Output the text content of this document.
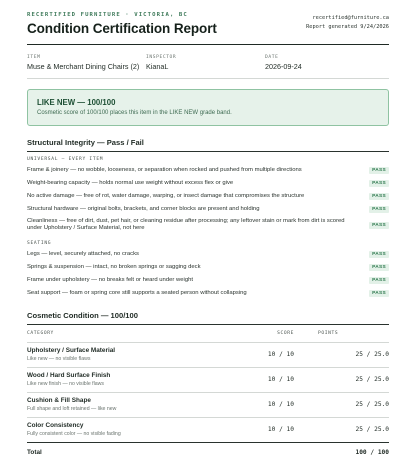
RECERTIFIED FURNITURE · VICTORIA, BC
Condition Certification Report
recertified@furniture.ca
Report generated 9/24/2026
ITEM
Muse & Merchant Dining Chairs (2)
INSPECTOR
KianaL
DATE
2026-09-24
LIKE NEW — 100/100
Cosmetic score of 100/100 places this item in the LIKE NEW grade band.
Structural Integrity — Pass / Fail
UNIVERSAL — EVERY ITEM
Frame & joinery — no wobble, looseness, or separation when rocked and pushed from multiple directions	PASS
Weight-bearing capacity — holds normal use weight without excess flex or give	PASS
No active damage — free of rot, water damage, warping, or insect damage that compromises the structure	PASS
Structural hardware — original bolts, brackets, and corner blocks are present and holding	PASS
Cleanliness — free of dirt, dust, pet hair, or cleaning residue after processing; any leftover stain or mark from dirt is scored under Upholstery / Surface Material, not here	PASS
SEATING
Legs — level, securely attached, no cracks	PASS
Springs & suspension — intact, no broken springs or sagging deck	PASS
Frame under upholstery — no breaks felt or heard under weight	PASS
Seat support — foam or spring core still supports a seated person without collapsing	PASS
Cosmetic Condition — 100/100
CATEGORY	SCORE	POINTS

Upholstery / Surface Material
Like new — no visible flaws	10 / 10	25 / 25.0

Wood / Hard Surface Finish
Like new finish — no visible flaws	10 / 10	25 / 25.0

Cushion & Fill Shape
Full shape and loft retained — like new	10 / 10	25 / 25.0

Color Consistency
Fully consistent color — no visible fading	10 / 10	25 / 25.0
Total		100 / 100
